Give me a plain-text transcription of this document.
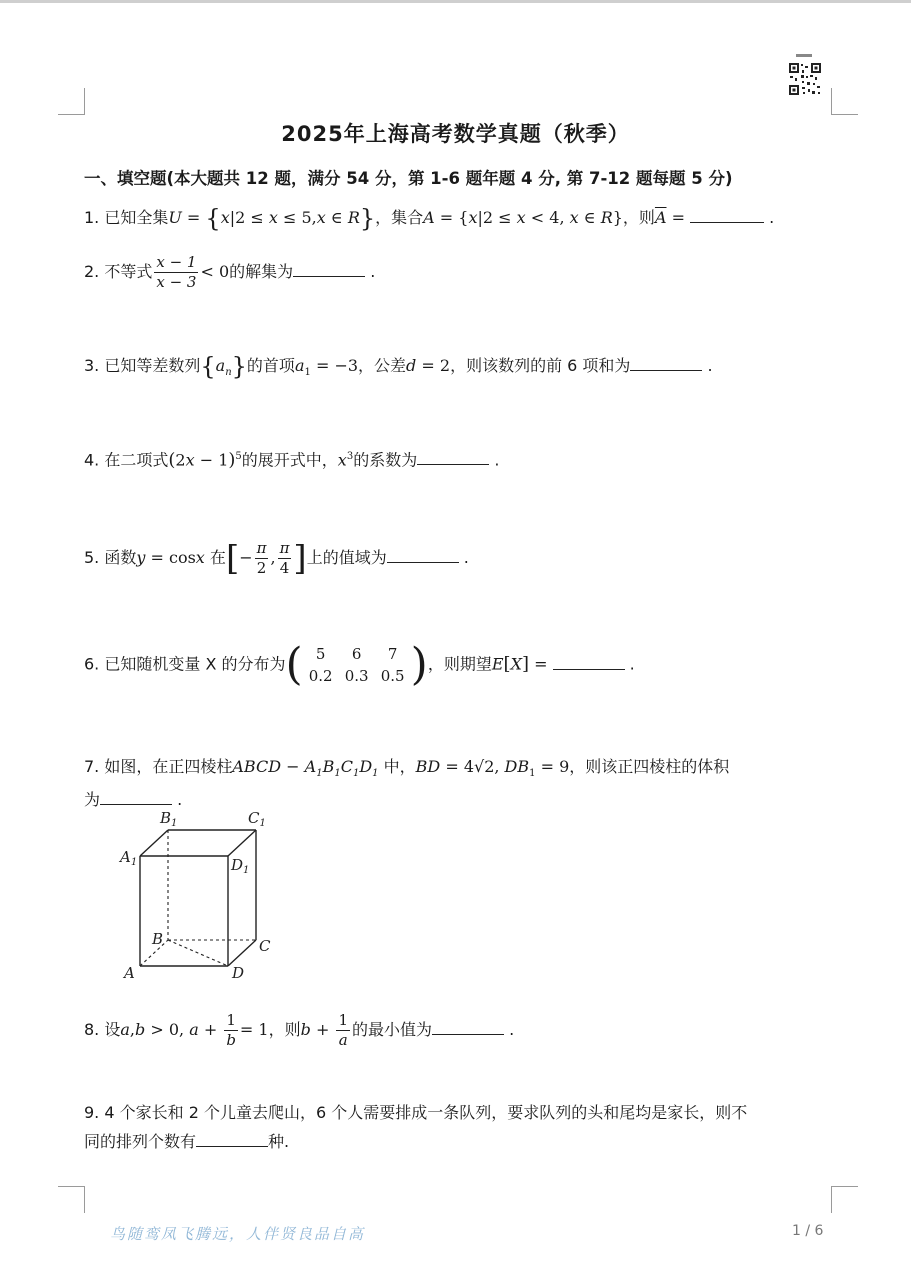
2025年上海高考数学真题（秋季）
一、填空题(本大题共 12 题，满分 54 分，第 1-6 题年题 4 分, 第 7-12 题每题 5 分)
1. 已知全集U = {x|2 ≤ x ≤ 5,x ∈ R}，集合A = {x|2 ≤ x < 4, x ∈ R}，则$\overline{A}$ =	.
2. 不等式 $\frac{x - 1}{x - 3} < 0$的解集为	.
3. 已知等差数列$\{a_n\}$的首项$a_1 = -3$，公差d = 2，则该数列的前 6 项和为	.
4. 在二项式$(2x - 1)^5$的展开式中，$x^3$的系数为	.
5. 函数y = cosx 在[− $\frac{\pi}{2}$ , $\frac{\pi}{4}$ ]上的值域为	.
6. 已知随机变量 X 的分布为( 5	6	7
0.2 0.3 0.5 )，则期望E[X] =	.
7. 如图，在正四棱柱ABCD − $A_1B_1C_1D_1$ 中，BD = 4√2, $DB_1 = 9$，则该正四棱柱的体积
为	.
$B_1$	$C_1$
$A_1$	$D_1$
B	C
A	D
8. 设a,b > 0, $a + \frac{1}{b} = 1$，则$b + \frac{1}{a}$ 的最小值为	.
9. 4 个家长和 2 个儿童去爬山，6 个人需要排成一条队列，要求队列的头和尾均是家长，则不
同的排列个数有	种.
鸟随鸾凤飞腾远，人伴贤良品自高	1 / 6
